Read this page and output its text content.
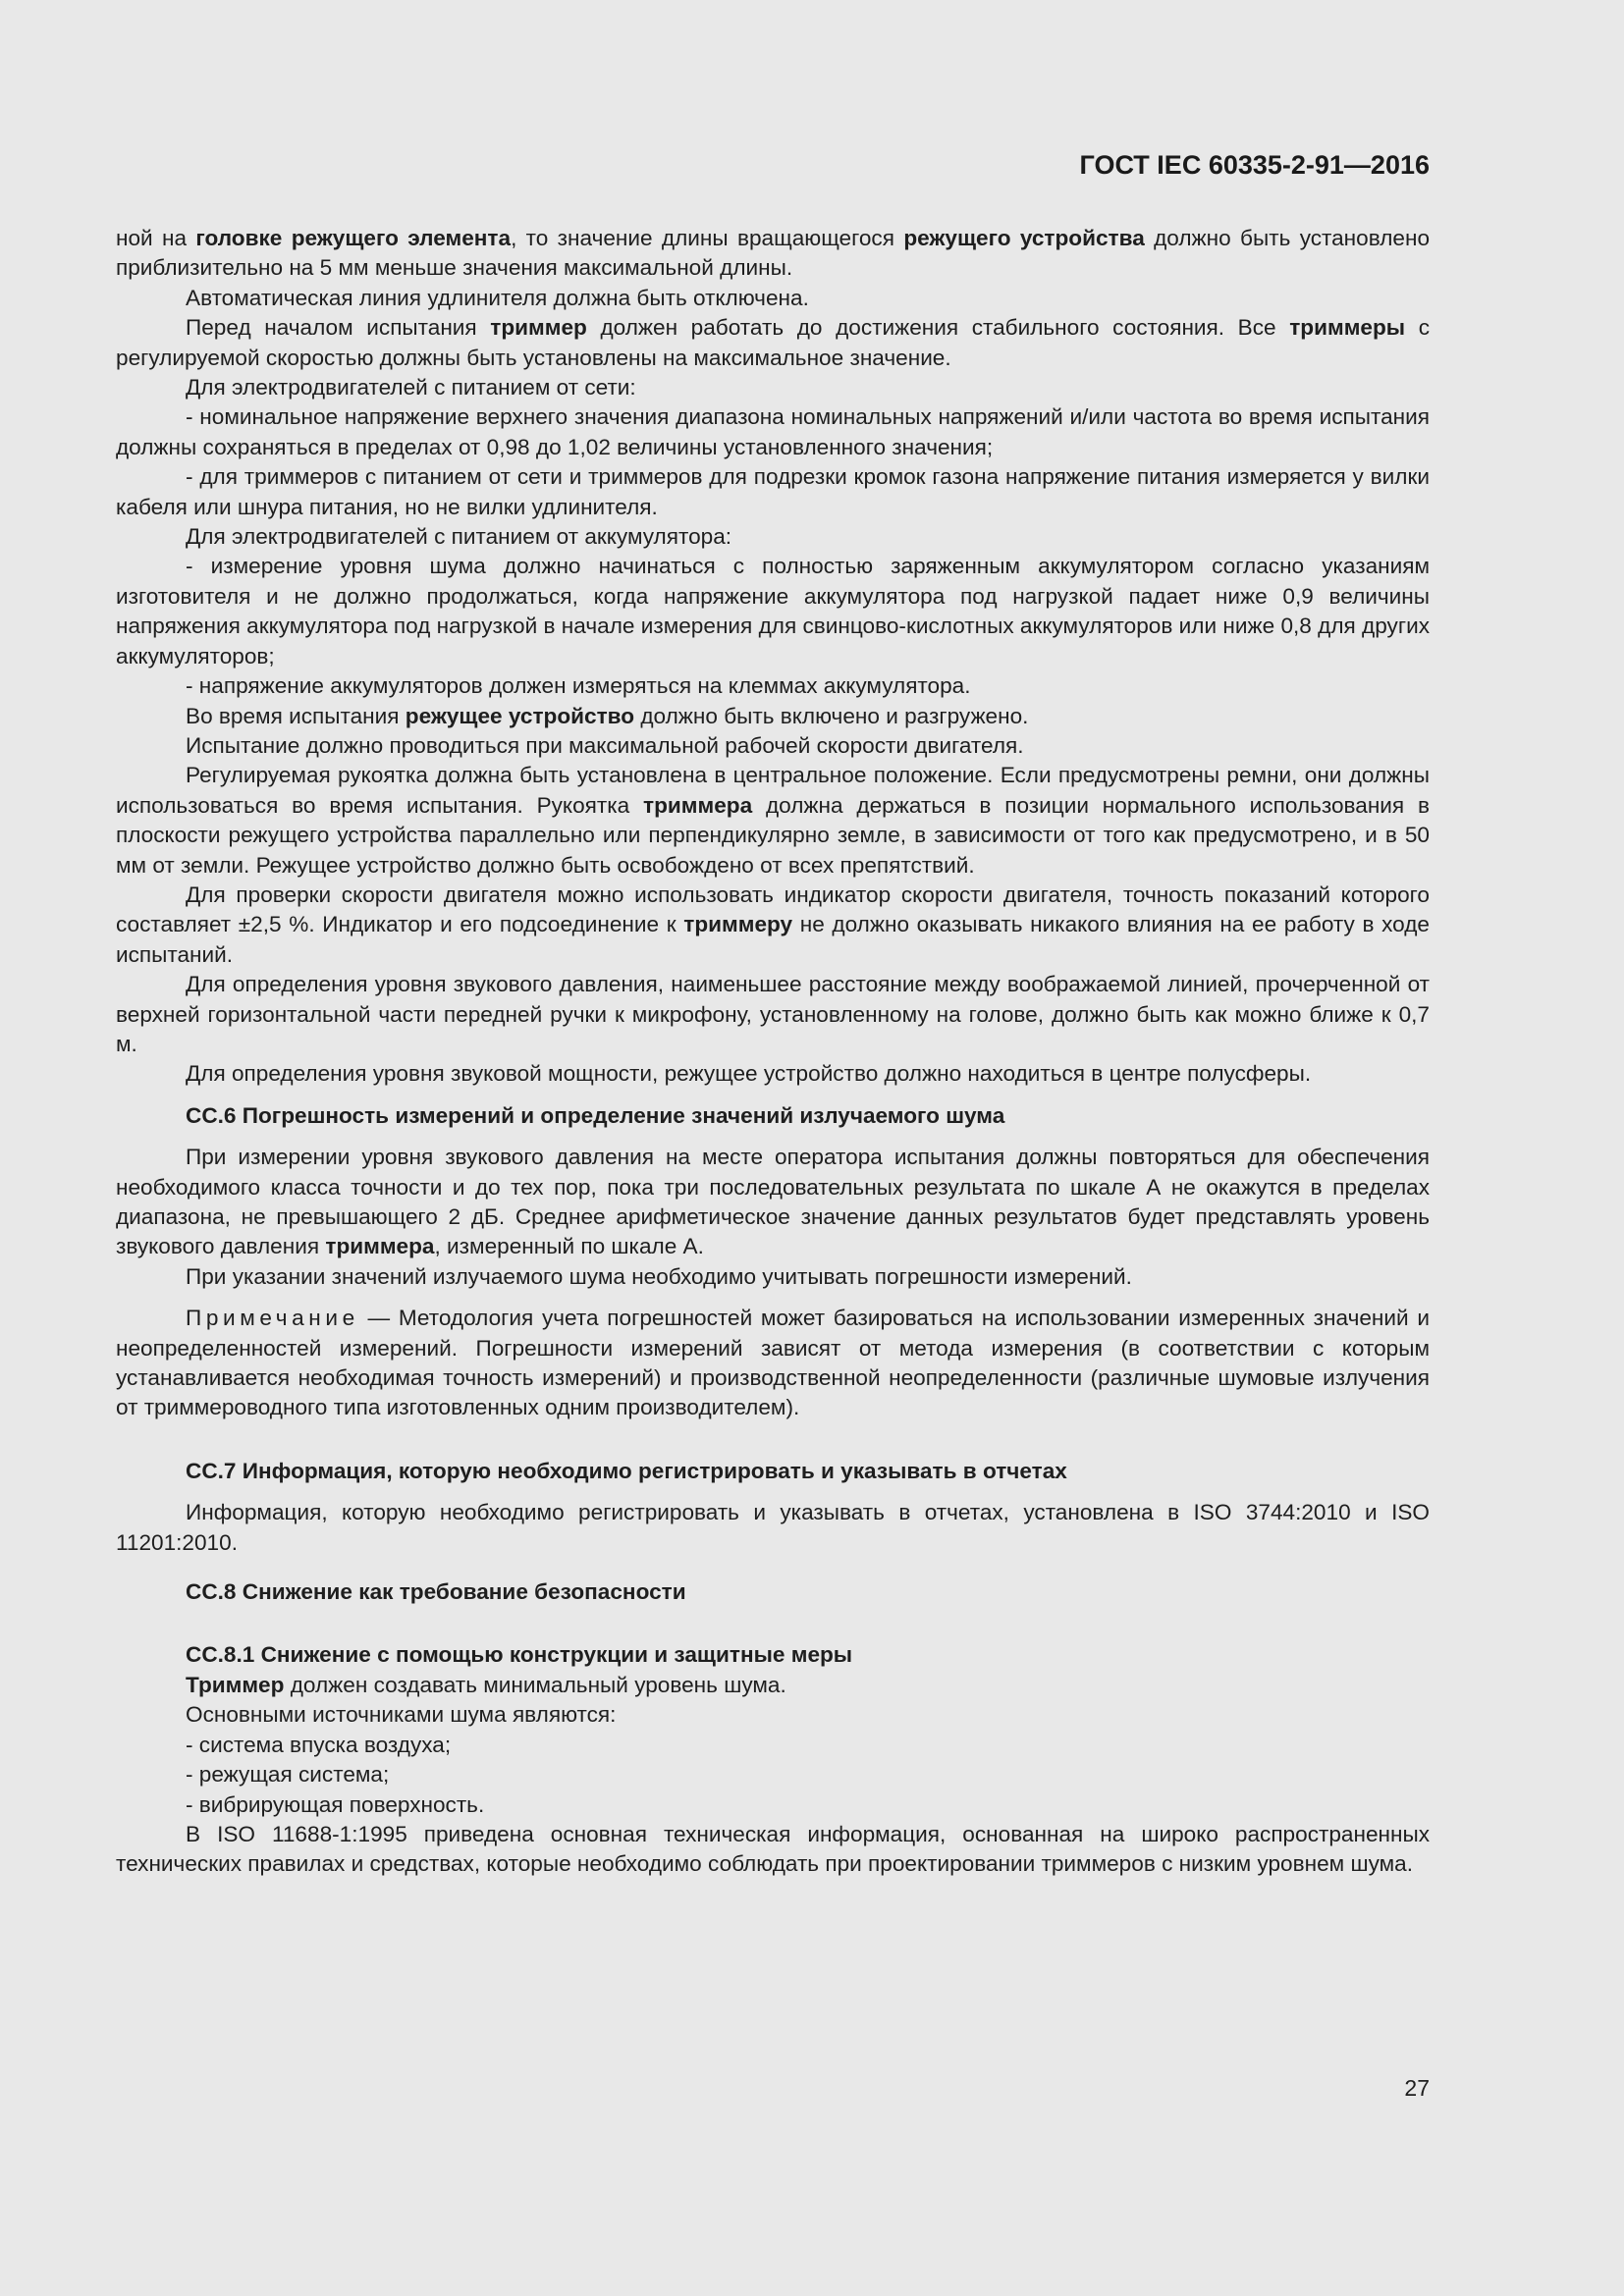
ГОСТ IEC 60335-2-91—2016

ной на головке режущего элемента, то значение длины вращающегося режущего устройства должно быть установлено приблизительно на 5 мм меньше значения максимальной длины.

Автоматическая линия удлинителя должна быть отключена.

Перед началом испытания триммер должен работать до достижения стабильного состояния. Все триммеры с регулируемой скоростью должны быть установлены на максимальное значение.

Для электродвигателей с питанием от сети:

- номинальное напряжение верхнего значения диапазона номинальных напряжений и/или частота во время испытания должны сохраняться в пределах от 0,98 до 1,02 величины установленного значения;

- для триммеров с питанием от сети и триммеров для подрезки кромок газона напряжение питания измеряется у вилки кабеля или шнура питания, но не вилки удлинителя.

Для электродвигателей с питанием от аккумулятора:

- измерение уровня шума должно начинаться с полностью заряженным аккумулятором согласно указаниям изготовителя и не должно продолжаться, когда напряжение аккумулятора под нагрузкой падает ниже 0,9 величины напряжения аккумулятора под нагрузкой в начале измерения для свинцово-кислотных аккумуляторов или ниже 0,8 для других аккумуляторов;

- напряжение аккумуляторов должен измеряться на клеммах аккумулятора.

Во время испытания режущее устройство должно быть включено и разгружено.

Испытание должно проводиться при максимальной рабочей скорости двигателя.

Регулируемая рукоятка должна быть установлена в центральное положение. Если предусмотрены ремни, они должны использоваться во время испытания. Рукоятка триммера должна держаться в позиции нормального использования в плоскости режущего устройства параллельно или перпендикулярно земле, в зависимости от того как предусмотрено, и в 50 мм от земли. Режущее устройство должно быть освобождено от всех препятствий.

Для проверки скорости двигателя можно использовать индикатор скорости двигателя, точность показаний которого составляет ±2,5 %. Индикатор и его подсоединение к триммеру не должно оказывать никакого влияния на ее работу в ходе испытаний.

Для определения уровня звукового давления, наименьшее расстояние между воображаемой линией, прочерченной от верхней горизонтальной части передней ручки к микрофону, установленному на голове, должно быть как можно ближе к 0,7 м.

Для определения уровня звуковой мощности, режущее устройство должно находиться в центре полусферы.

СС.6 Погрешность измерений и определение значений излучаемого шума

При измерении уровня звукового давления на месте оператора испытания должны повторяться для обеспечения необходимого класса точности и до тех пор, пока три последовательных результата по шкале А не окажутся в пределах диапазона, не превышающего 2 дБ. Среднее арифметическое значение данных результатов будет представлять уровень звукового давления триммера, измеренный по шкале А.

При указании значений излучаемого шума необходимо учитывать погрешности измерений.

Примечание — Методология учета погрешностей может базироваться на использовании измеренных значений и неопределенностей измерений. Погрешности измерений зависят от метода измерения (в соответствии с которым устанавливается необходимая точность измерений) и производственной неопределенности (различные шумовые излучения от триммероводного типа изготовленных одним производителем).

СС.7 Информация, которую необходимо регистрировать и указывать в отчетах

Информация, которую необходимо регистрировать и указывать в отчетах, установлена в ISO 3744:2010 и ISO 11201:2010.

СС.8 Снижение как требование безопасности
СС.8.1 Снижение с помощью конструкции и защитные меры

Триммер должен создавать минимальный уровень шума.

Основными источниками шума являются:

- система впуска воздуха;

- режущая система;

- вибрирующая поверхность.

В ISO 11688-1:1995 приведена основная техническая информация, основанная на широко распространенных технических правилах и средствах, которые необходимо соблюдать при проектировании триммеров с низким уровнем шума.

27
